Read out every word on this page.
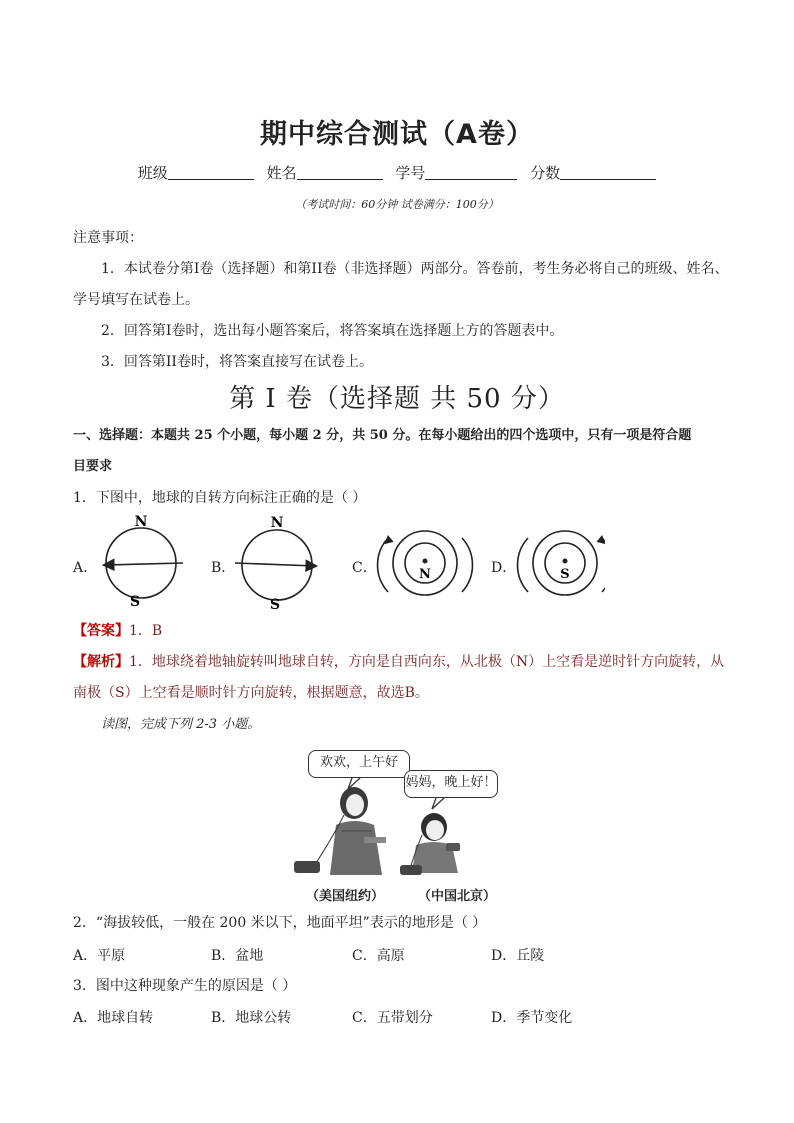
期中综合测试（A卷）
班级	姓名	学号	分数
（考试时间：60分钟 试卷满分：100分）
注意事项：
1．本试卷分第I卷（选择题）和第II卷（非选择题）两部分。答卷前，考生务必将自己的班级、姓名、
学号填写在试卷上。
2．回答第I卷时，选出每小题答案后，将答案填在选择题上方的答题表中。
3．回答第II卷时，将答案直接写在试卷上。
第 I 卷（选择题 共 50 分）
一、选择题：本题共 25 个小题，每小题 2 分，共 50 分。在每小题给出的四个选项中，只有一项是符合题
目要求
1．下图中，地球的自转方向标注正确的是（ ）
A．	B．	C．	D．
N
S
N
S
N	S
【答案】1．B
【解析】1．地球绕着地轴旋转叫地球自转，方向是自西向东，从北极（N）上空看是逆时针方向旋转，从
南极（S）上空看是顺时针方向旋转，根据题意，故选B。
读图，完成下列 2-3 小题。
欢欢，上午好
妈妈，晚上好！
（美国纽约）	（中国北京）
2．“海拔较低，一般在 200 米以下，地面平坦”表示的地形是（ ）
A．平原	B．盆地	C．高原	D．丘陵
3．图中这种现象产生的原因是（ ）
A．地球自转	B．地球公转	C．五带划分	D．季节变化
